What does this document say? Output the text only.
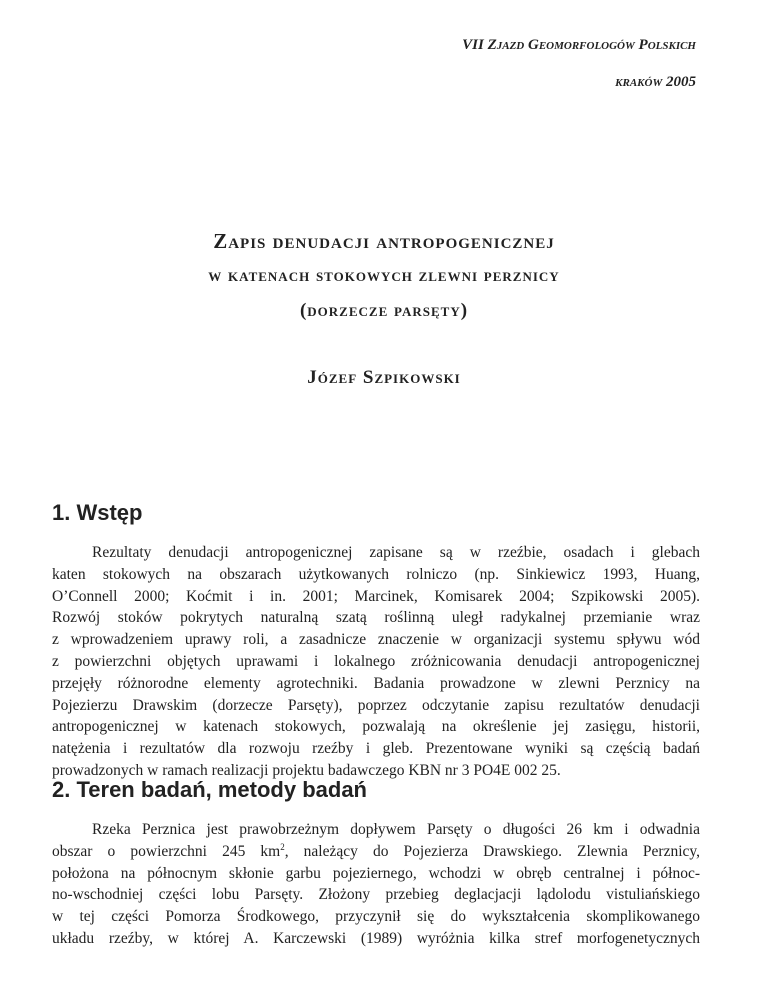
VII Zjazd Geomorfologów Polskich
kraków 2005
Zapis denudacji antropogenicznej
w katenach stokowych zlewni perznicy
(dorzecze parsęty)
Józef Szpikowski
1. Wstęp
Rezultaty denudacji antropogenicznej zapisane są w rzeźbie, osadach i glebach
katen stokowych na obszarach użytkowanych rolniczo (np. Sinkiewicz 1993, Huang,
O’Connell 2000; Koćmit i in. 2001; Marcinek, Komisarek 2004; Szpikowski 2005).
Rozwój stoków pokrytych naturalną szatą roślinną uległ radykalnej przemianie wraz
z wprowadzeniem uprawy roli, a zasadnicze znaczenie w organizacji systemu spływu wód
z powierzchni objętych uprawami i lokalnego zróżnicowania denudacji antropogenicznej
przejęły różnorodne elementy agrotechniki. Badania prowadzone w zlewni Perznicy na
Pojezierzu Drawskim (dorzecze Parsęty), poprzez odczytanie zapisu rezultatów denudacji
antropogenicznej w katenach stokowych, pozwalają na określenie jej zasięgu, historii,
natężenia i rezultatów dla rozwoju rzeźby i gleb. Prezentowane wyniki są częścią badań
prowadzonych w ramach realizacji projektu badawczego KBN nr 3 PO4E 002 25.
2. Teren badań, metody badań
Rzeka Perznica jest prawobrzeżnym dopływem Parsęty o długości 26 km i odwadnia
obszar o powierzchni 245 $km^2$, należący do Pojezierza Drawskiego. Zlewnia Perznicy,
położona na północnym skłonie garbu pojeziernego, wchodzi w obręb centralnej i północ-
no-wschodniej części lobu Parsęty. Złożony przebieg deglacjacji lądolodu vistuliańskiego
w tej części Pomorza Środkowego, przyczynił się do wykształcenia skomplikowanego
układu rzeźby, w której A. Karczewski (1989) wyróżnia kilka stref morfogenetycznych
